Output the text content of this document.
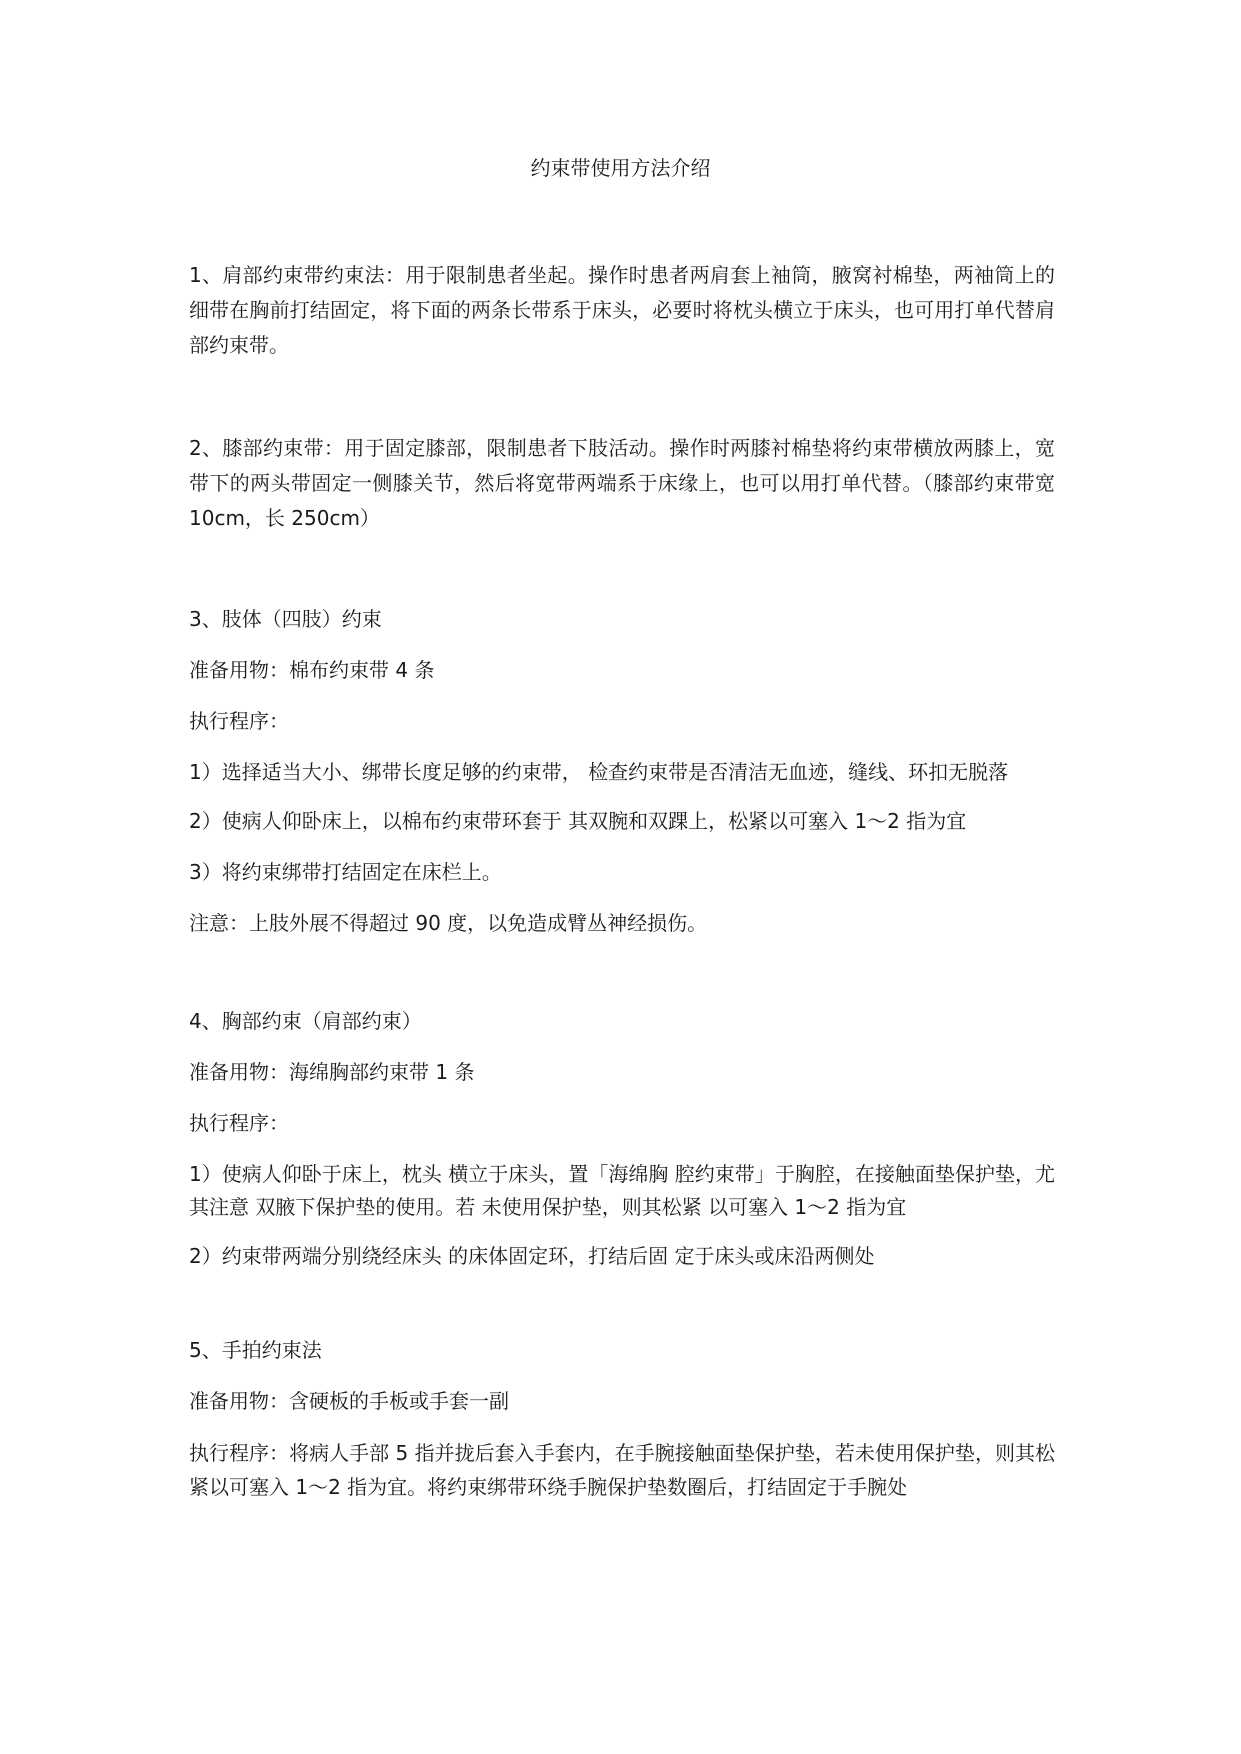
约束带使用方法介绍

1、肩部约束带约束法：用于限制患者坐起。操作时患者两肩套上袖筒，腋窝衬棉垫，两袖筒上的细带在胸前打结固定，将下面的两条长带系于床头，必要时将枕头横立于床头，也可用打单代替肩部约束带。

2、膝部约束带：用于固定膝部，限制患者下肢活动。操作时两膝衬棉垫将约束带横放两膝上，宽带下的两头带固定一侧膝关节，然后将宽带两端系于床缘上，也可以用打单代替。（膝部约束带宽 10cm，长 250cm）

3、肢体（四肢）约束

准备用物：棉布约束带 4 条

执行程序：

1）选择适当大小、绑带长度足够的约束带， 检查约束带是否清洁无血迹，缝线、环扣无脱落

2）使病人仰卧床上，以棉布约束带环套于 其双腕和双踝上，松紧以可塞入 1～2 指为宜

3）将约束绑带打结固定在床栏上。

注意：上肢外展不得超过 90 度，以免造成臂丛神经损伤。

4、胸部约束（肩部约束）

准备用物：海绵胸部约束带 1 条

执行程序：

1）使病人仰卧于床上，枕头 横立于床头，置「海绵胸 腔约束带」于胸腔，在接触面垫保护垫，尤其注意 双腋下保护垫的使用。若 未使用保护垫，则其松紧 以可塞入 1～2 指为宜

2）约束带两端分别绕经床头 的床体固定环，打结后固 定于床头或床沿两侧处

5、手拍约束法

准备用物：含硬板的手板或手套一副

执行程序：将病人手部 5 指并拢后套入手套内，在手腕接触面垫保护垫，若未使用保护垫，则其松紧以可塞入 1～2 指为宜。将约束绑带环绕手腕保护垫数圈后，打结固定于手腕处
